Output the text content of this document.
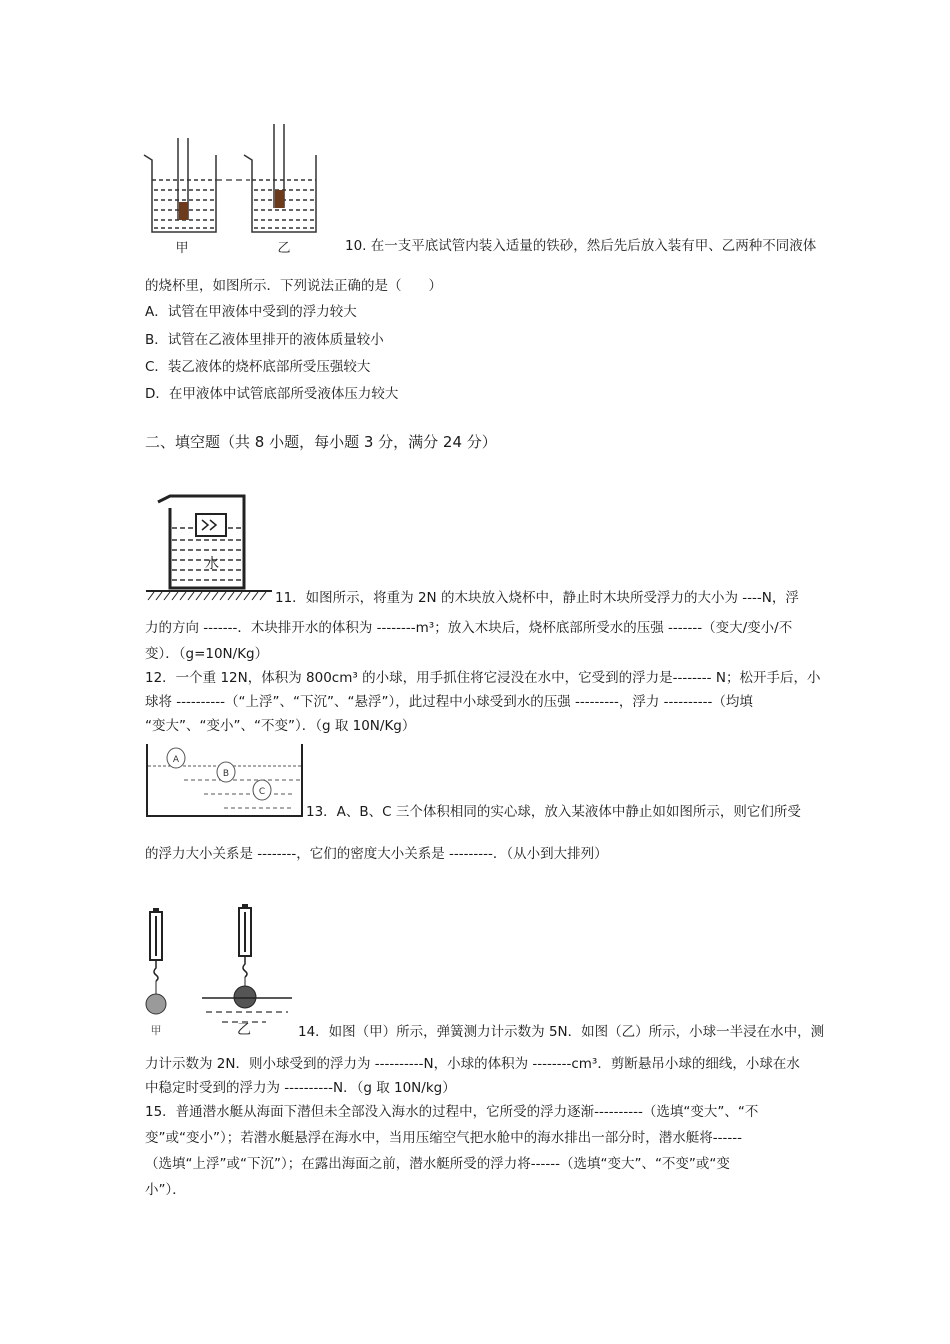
甲	乙	10. 在一支平底试管内装入适量的铁砂，然后先后放入装有甲、乙两种不同液体
的烧杯里，如图所示．下列说法正确的是（　　）
A．试管在甲液体中受到的浮力较大
B．试管在乙液体里排开的液体质量较小
C．装乙液体的烧杯底部所受压强较大
D．在甲液体中试管底部所受液体压力较大
二、填空题（共 8 小题，每小题 3 分，满分 24 分）
水
11．如图所示，将重为 2N 的木块放入烧杯中，静止时木块所受浮力的大小为 ----N，浮
力的方向 -------．木块排开水的体积为 --------m³；放入木块后，烧杯底部所受水的压强 -------（变大/变小/不
变）．（g=10N/Kg）
12．一个重 12N，体积为 800cm³ 的小球，用手抓住将它浸没在水中，它受到的浮力是-------- N；松开手后，小
球将 ----------（“上浮”、“下沉”、“悬浮”），此过程中小球受到水的压强 ---------，浮力 ----------（均填
“变大”、“变小”、“不变”）．（g 取 10N/Kg）
A
B
C
13．A、B、C 三个体积相同的实心球，放入某液体中静止如如图所示，则它们所受
的浮力大小关系是 --------，它们的密度大小关系是 ---------．（从小到大排列）
甲	乙	14．如图（甲）所示，弹簧测力计示数为 5N．如图（乙）所示，小球一半浸在水中，测
力计示数为 2N．则小球受到的浮力为 ----------N，小球的体积为 --------cm³．剪断悬吊小球的细线，小球在水
中稳定时受到的浮力为 ----------N．（g 取 10N/kg）
15．普通潜水艇从海面下潜但未全部没入海水的过程中，它所受的浮力逐渐----------（选填“变大”、“不
变”或“变小”）；若潜水艇悬浮在海水中，当用压缩空气把水舱中的海水排出一部分时，潜水艇将------
（选填“上浮”或“下沉”）；在露出海面之前，潜水艇所受的浮力将------（选填“变大”、“不变”或“变
小”）．
